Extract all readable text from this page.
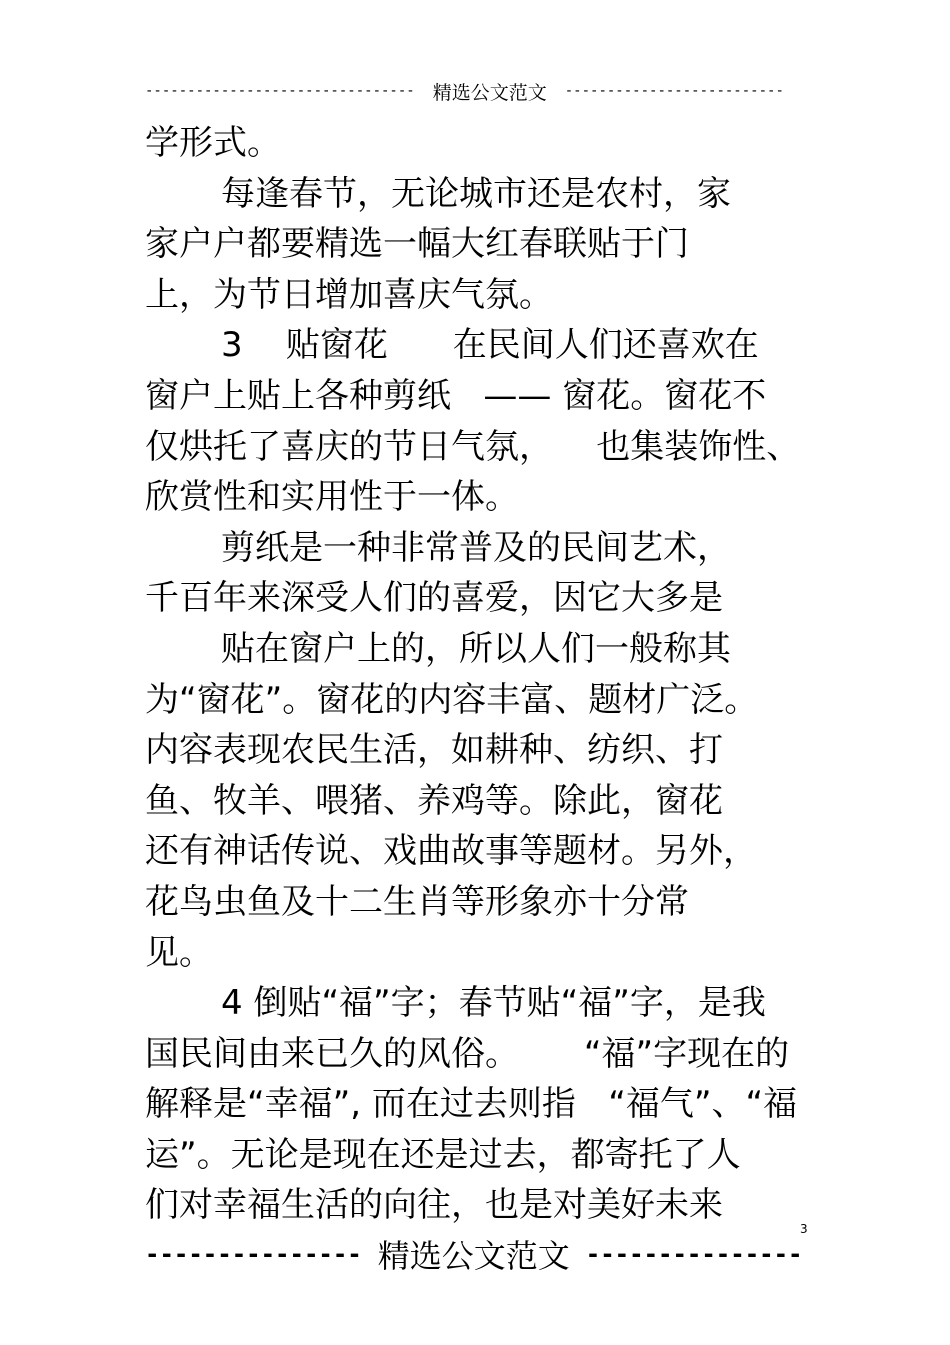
-------------------------------- 精选公文范文	--------------------------

学形式。

每逢春节，无论城市还是农村，家

家户户都要精选一幅大红春联贴于门

上，为节日增加喜庆气氛。

3    贴窗花      在民间人们还喜欢在

窗户上贴上各种剪纸   —— 窗花。窗花不

仅烘托了喜庆的节日气氛，    也集装饰性、

欣赏性和实用性于一体。

剪纸是一种非常普及的民间艺术，

千百年来深受人们的喜爱，因它大多是

贴在窗户上的，所以人们一般称其

为“窗花”。窗花的内容丰富、题材广泛。

内容表现农民生活，如耕种、纺织、打

鱼、牧羊、喂猪、养鸡等。除此，窗花

还有神话传说、戏曲故事等题材。另外，

花鸟虫鱼及十二生肖等形象亦十分常

见。

4 倒贴“福”字；春节贴“福”字，是我

国民间由来已久的风俗。      “福”字现在的

解释是“幸福”, 而在过去则指   “福气”、“福

运”。无论是现在还是过去，都寄托了人

们对幸福生活的向往，也是对美好未来

3
--------------- 精选公文范文 ---------------
